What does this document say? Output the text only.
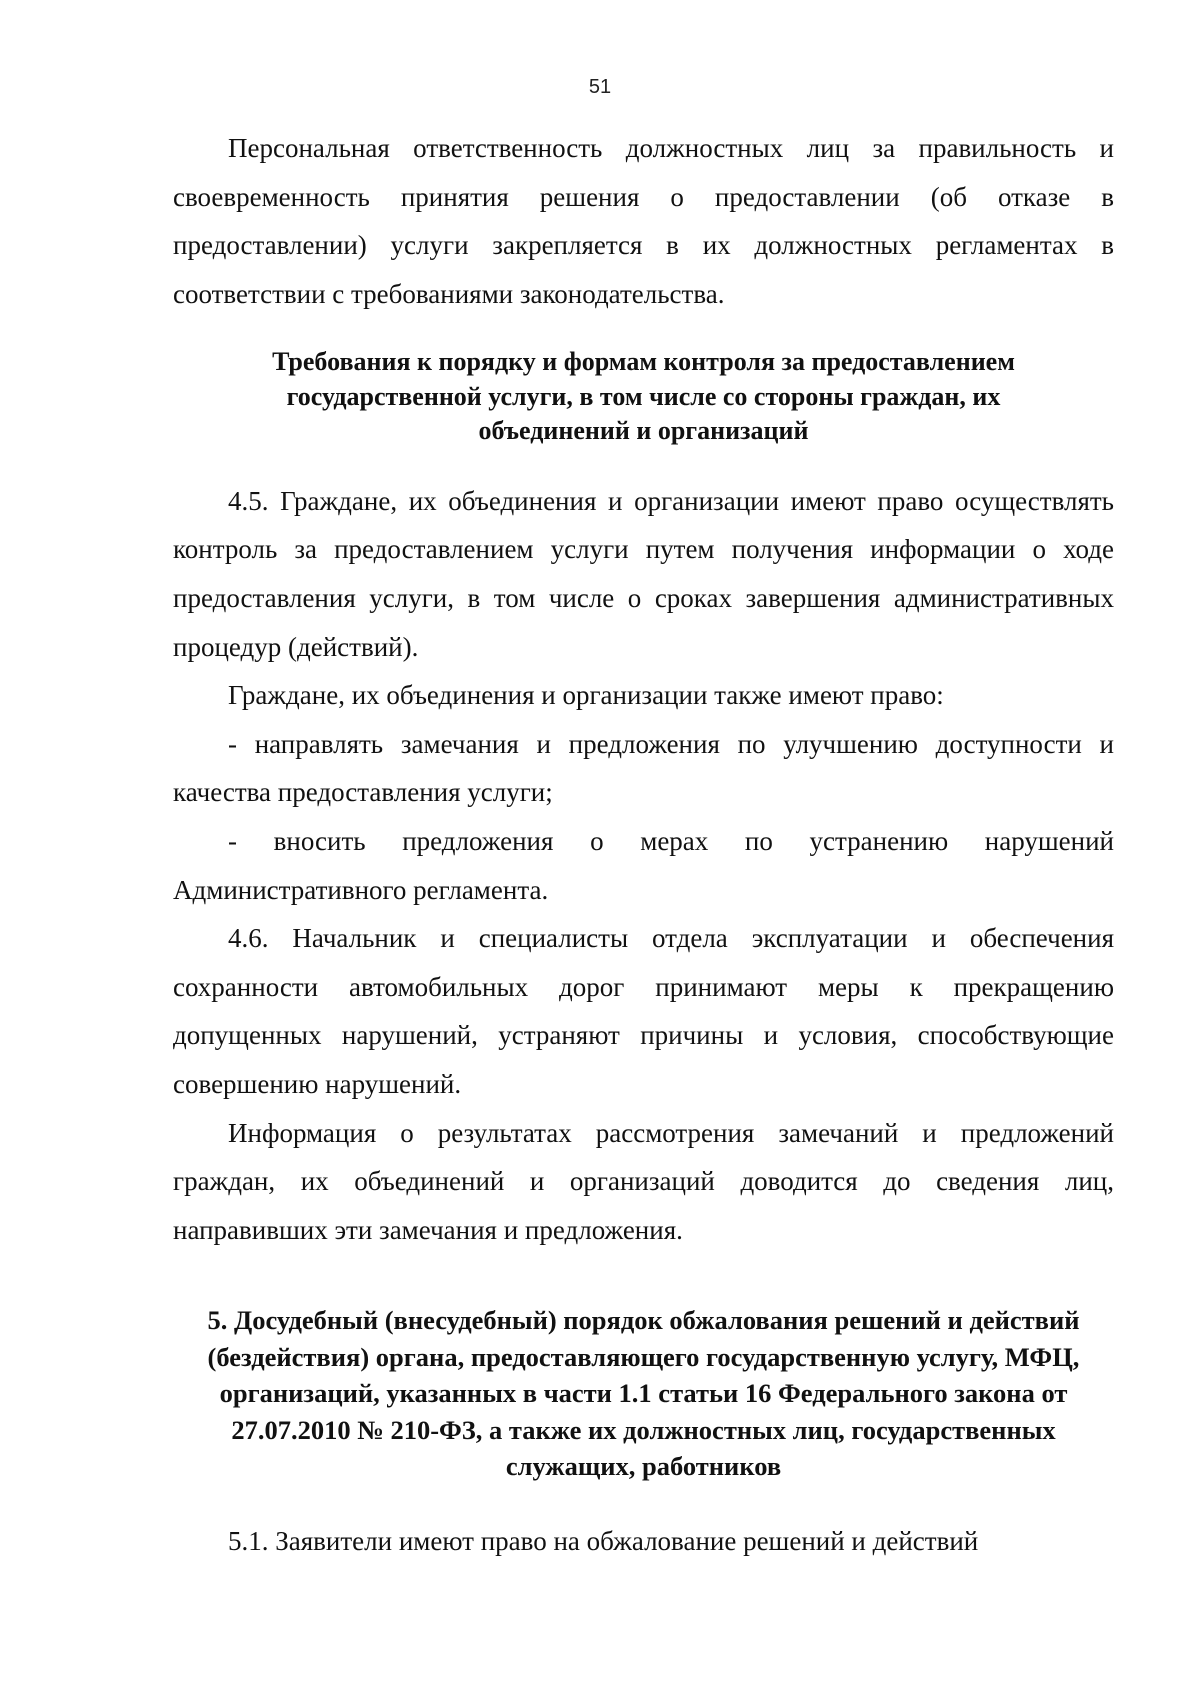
51

Персональная ответственность должностных лиц за правильность и своевременность принятия решения о предоставлении (об отказе в предоставлении) услуги закрепляется в их должностных регламентах в соответствии с требованиями законодательства.

Требования к порядку и формам контроля за предоставлением государственной услуги, в том числе со стороны граждан, их объединений и организаций

4.5. Граждане, их объединения и организации имеют право осуществлять контроль за предоставлением услуги путем получения информации о ходе предоставления услуги, в том числе о сроках завершения административных процедур (действий).

Граждане, их объединения и организации также имеют право:

- направлять замечания и предложения по улучшению доступности и качества предоставления услуги;

- вносить предложения о мерах по устранению нарушений Административного регламента.

4.6. Начальник и специалисты отдела эксплуатации и обеспечения сохранности автомобильных дорог принимают меры к прекращению допущенных нарушений, устраняют причины и условия, способствующие совершению нарушений.

Информация о результатах рассмотрения замечаний и предложений граждан, их объединений и организаций доводится до сведения лиц, направивших эти замечания и предложения.

5. Досудебный (внесудебный) порядок обжалования решений и действий (бездействия) органа, предоставляющего государственную услугу, МФЦ, организаций, указанных в части 1.1 статьи 16 Федерального закона от 27.07.2010 № 210-ФЗ, а также их должностных лиц, государственных служащих, работников

5.1. Заявители имеют право на обжалование решений и действий
